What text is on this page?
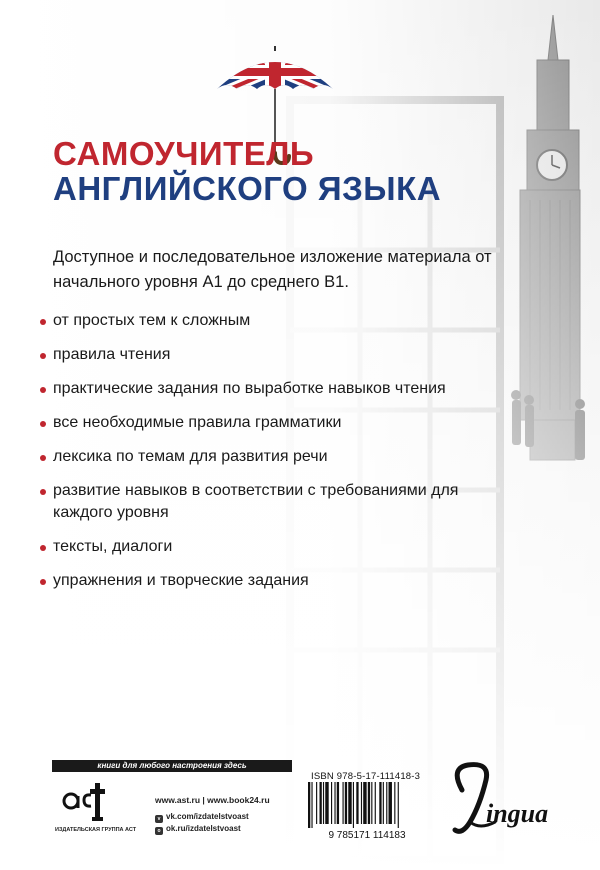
САМОУЧИТЕЛЬ
АНГЛИЙСКОГО ЯЗЫКА
Доступное и последовательное изложение материала от начального уровня А1 до среднего В1.
от простых тем к сложным
правила чтения
практические задания по выработке навыков чтения
все необходимые правила грамматики
лексика по темам для развития речи
развитие навыков в соответствии с требованиями для каждого уровня
тексты, диалоги
упражнения и творческие задания
книги для любого настроения здесь
ИЗДАТЕЛЬСКАЯ ГРУППА АСТ
www.ast.ru | www.book24.ru
v vk.com/izdatelstvoast
o ok.ru/izdatelstvoast
ISBN 978-5-17-111418-3
9 785171 114183
ingua
